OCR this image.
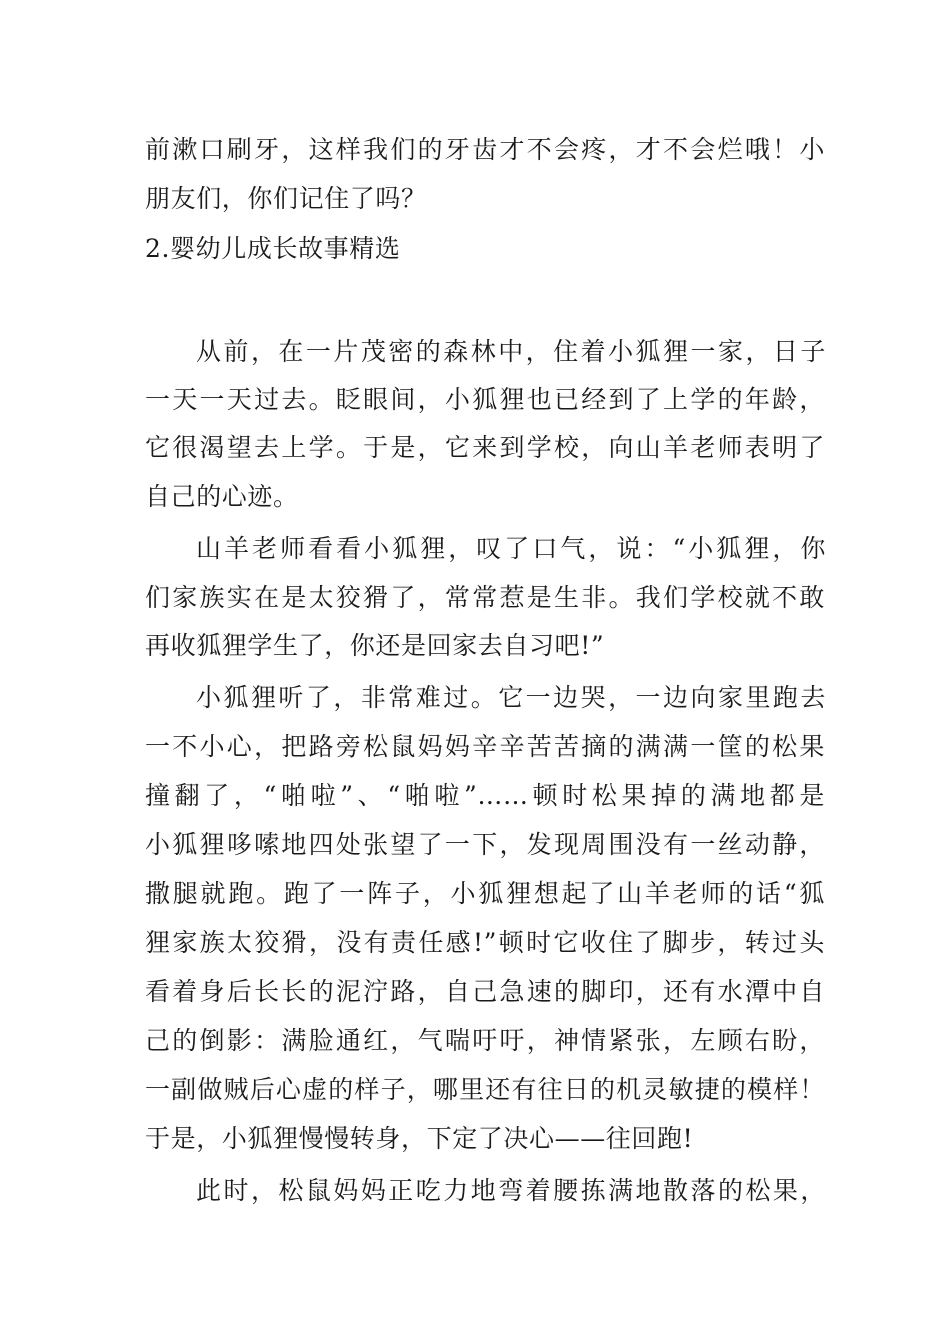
前漱口刷牙，这样我们的牙齿才不会疼，才不会烂哦！小
朋友们，你们记住了吗？
2.婴幼儿成长故事精选
从前，在一片茂密的森林中，住着小狐狸一家，日子
一天一天过去。眨眼间，小狐狸也已经到了上学的年龄，
它很渴望去上学。于是，它来到学校，向山羊老师表明了
自己的心迹。
山羊老师看看小狐狸，叹了口气，说：“小狐狸，你
们家族实在是太狡猾了，常常惹是生非。我们学校就不敢
再收狐狸学生了，你还是回家去自习吧!”
小狐狸听了，非常难过。它一边哭，一边向家里跑去
一不小心，把路旁松鼠妈妈辛辛苦苦摘的满满一筐的松果
撞翻了，“啪啦”、“啪啦”……顿时松果掉的满地都是
小狐狸哆嗦地四处张望了一下，发现周围没有一丝动静，
撒腿就跑。跑了一阵子，小狐狸想起了山羊老师的话“狐
狸家族太狡猾，没有责任感!”顿时它收住了脚步，转过头
看着身后长长的泥泞路，自己急速的脚印，还有水潭中自
己的倒影：满脸通红，气喘吁吁，神情紧张，左顾右盼，
一副做贼后心虚的样子，哪里还有往日的机灵敏捷的模样！
于是，小狐狸慢慢转身，下定了决心——往回跑!
此时，松鼠妈妈正吃力地弯着腰拣满地散落的松果，
